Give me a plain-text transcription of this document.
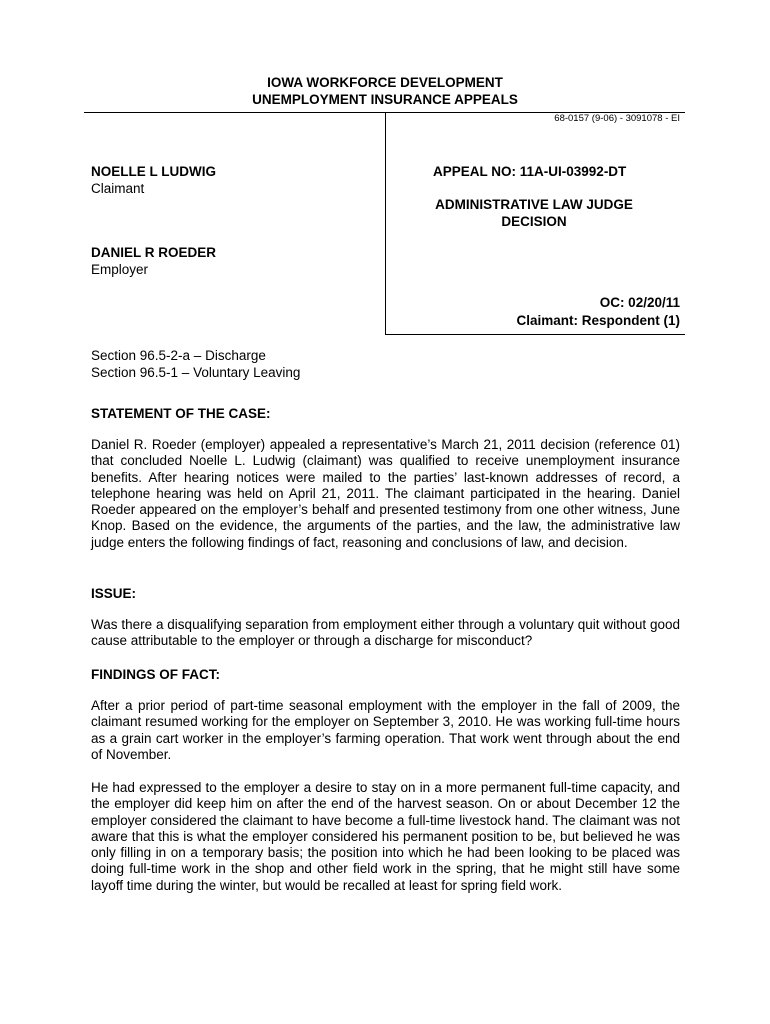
IOWA WORKFORCE DEVELOPMENT
UNEMPLOYMENT INSURANCE APPEALS
68-0157 (9-06) - 3091078 - EI
NOELLE L LUDWIG
Claimant
DANIEL R ROEDER
Employer
APPEAL NO: 11A-UI-03992-DT
ADMINISTRATIVE LAW JUDGE
DECISION
OC: 02/20/11
Claimant: Respondent (1)
Section 96.5-2-a – Discharge
Section 96.5-1 – Voluntary Leaving
STATEMENT OF THE CASE:
Daniel R. Roeder (employer) appealed a representative’s March 21, 2011 decision (reference 01) that concluded Noelle L. Ludwig (claimant) was qualified to receive unemployment insurance benefits. After hearing notices were mailed to the parties’ last-known addresses of record, a telephone hearing was held on April 21, 2011. The claimant participated in the hearing. Daniel Roeder appeared on the employer’s behalf and presented testimony from one other witness, June Knop. Based on the evidence, the arguments of the parties, and the law, the administrative law judge enters the following findings of fact, reasoning and conclusions of law, and decision.
ISSUE:
Was there a disqualifying separation from employment either through a voluntary quit without good cause attributable to the employer or through a discharge for misconduct?
FINDINGS OF FACT:
After a prior period of part-time seasonal employment with the employer in the fall of 2009, the claimant resumed working for the employer on September 3, 2010. He was working full-time hours as a grain cart worker in the employer’s farming operation. That work went through about the end of November.
He had expressed to the employer a desire to stay on in a more permanent full-time capacity, and the employer did keep him on after the end of the harvest season. On or about December 12 the employer considered the claimant to have become a full-time livestock hand. The claimant was not aware that this is what the employer considered his permanent position to be, but believed he was only filling in on a temporary basis; the position into which he had been looking to be placed was doing full-time work in the shop and other field work in the spring, that he might still have some layoff time during the winter, but would be recalled at least for spring field work.
